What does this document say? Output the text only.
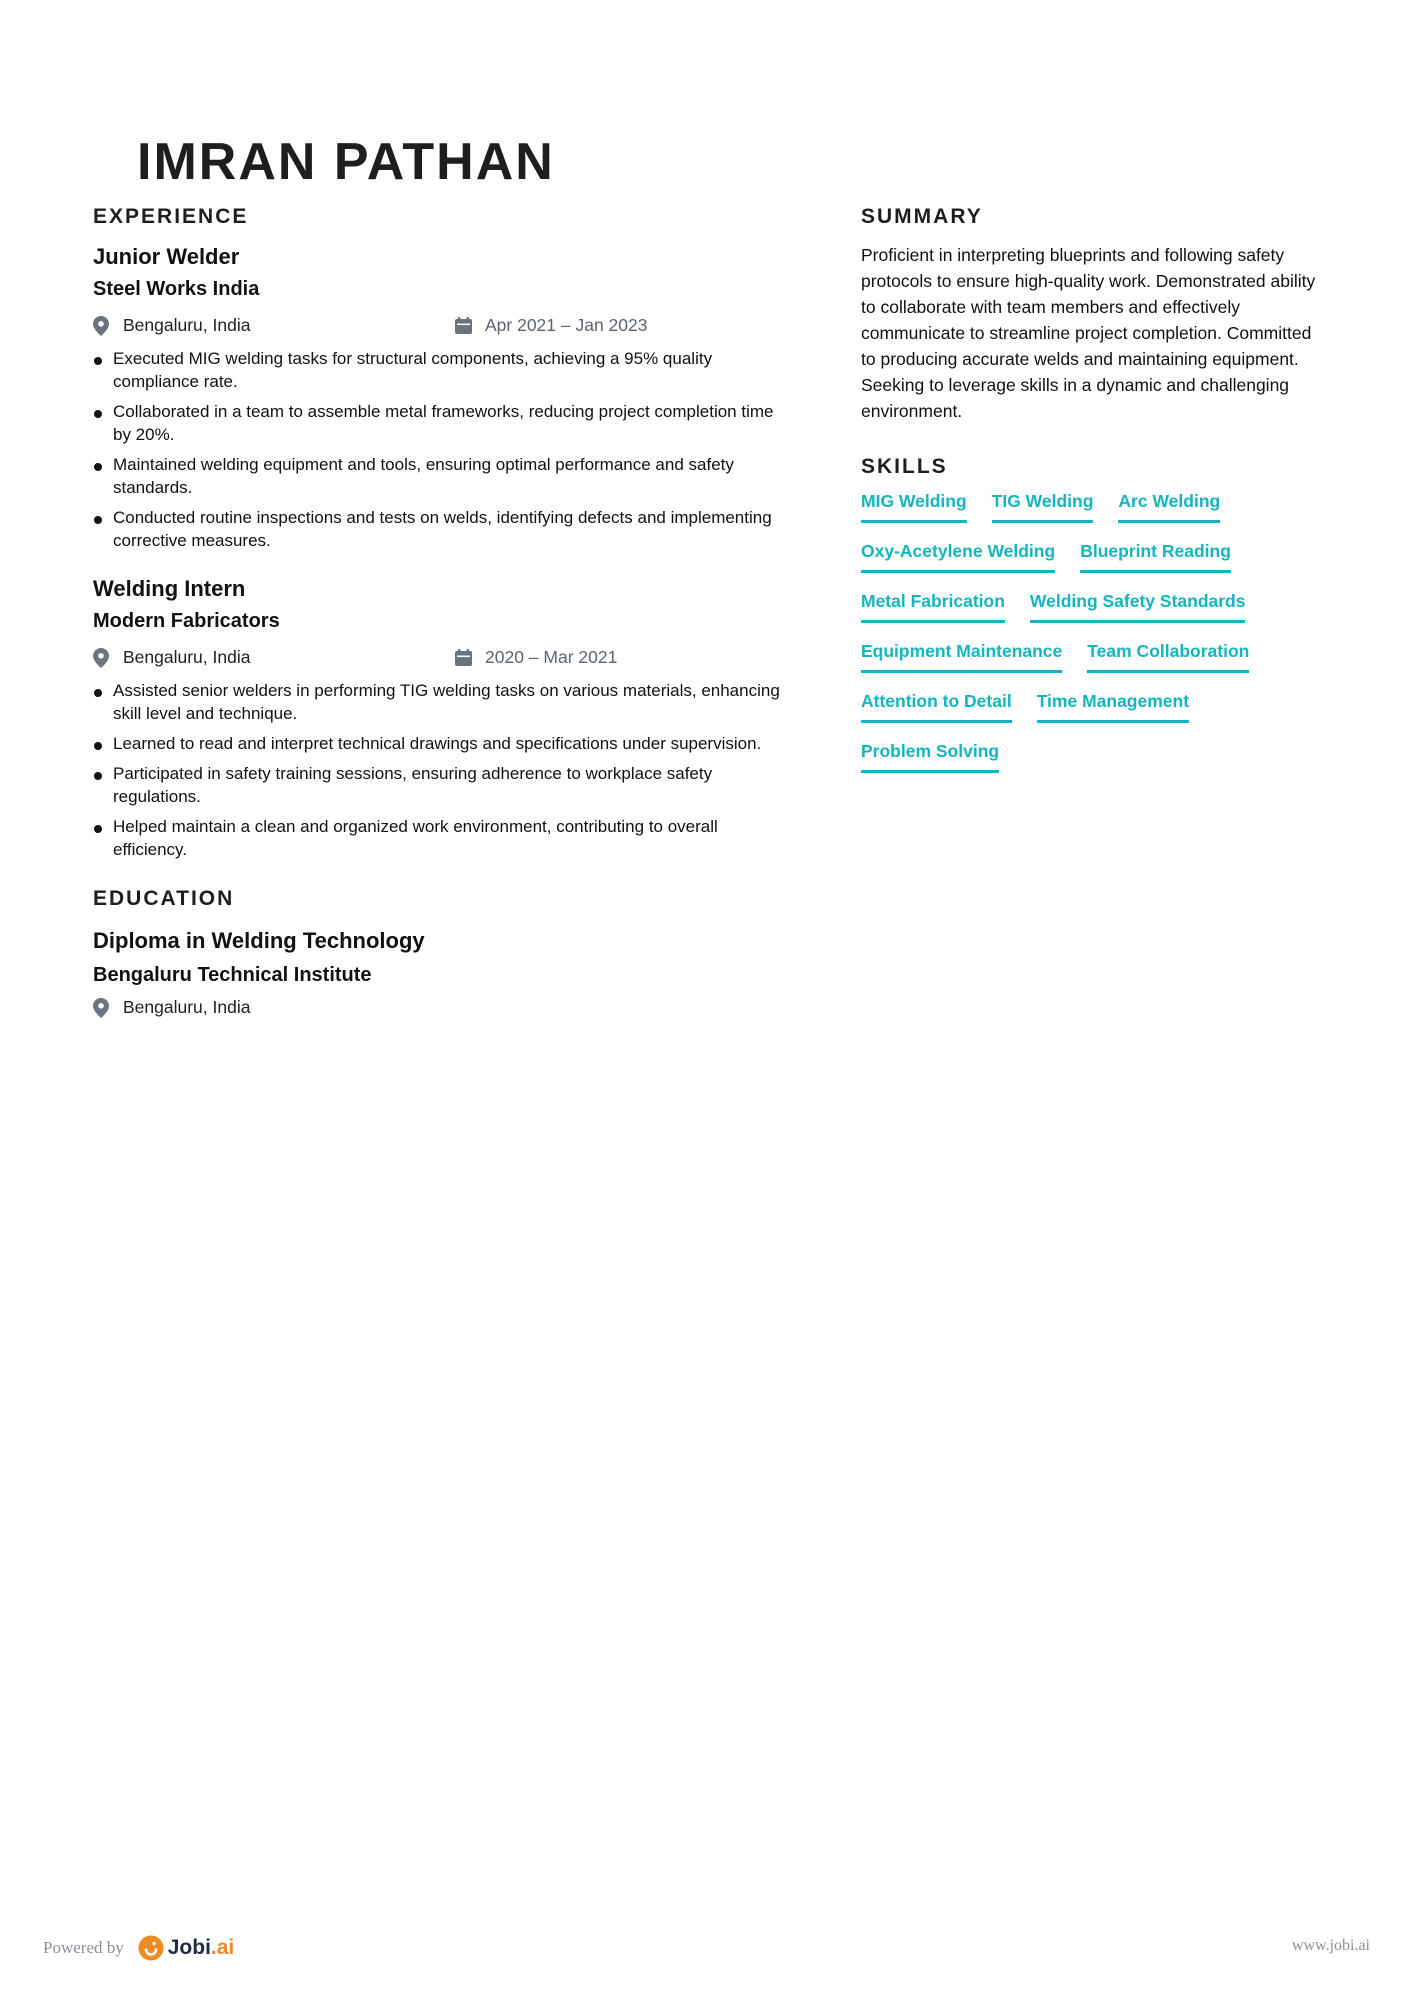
IMRAN PATHAN
EXPERIENCE
Junior Welder
Steel Works India
Bengaluru, India	Apr 2021 – Jan 2023
Executed MIG welding tasks for structural components, achieving a 95% quality compliance rate.
Collaborated in a team to assemble metal frameworks, reducing project completion time by 20%.
Maintained welding equipment and tools, ensuring optimal performance and safety standards.
Conducted routine inspections and tests on welds, identifying defects and implementing corrective measures.
Welding Intern
Modern Fabricators
Bengaluru, India	2020 – Mar 2021
Assisted senior welders in performing TIG welding tasks on various materials, enhancing skill level and technique.
Learned to read and interpret technical drawings and specifications under supervision.
Participated in safety training sessions, ensuring adherence to workplace safety regulations.
Helped maintain a clean and organized work environment, contributing to overall efficiency.
EDUCATION
Diploma in Welding Technology
Bengaluru Technical Institute
Bengaluru, India
SUMMARY
Proficient in interpreting blueprints and following safety protocols to ensure high-quality work. Demonstrated ability to collaborate with team members and effectively communicate to streamline project completion. Committed to producing accurate welds and maintaining equipment. Seeking to leverage skills in a dynamic and challenging environment.
SKILLS
MIG Welding TIG Welding Arc Welding
Oxy-Acetylene Welding Blueprint Reading
Metal Fabrication Welding Safety Standards
Equipment Maintenance Team Collaboration
Attention to Detail Time Management
Problem Solving
Powered by Jobi.ai	www.jobi.ai
